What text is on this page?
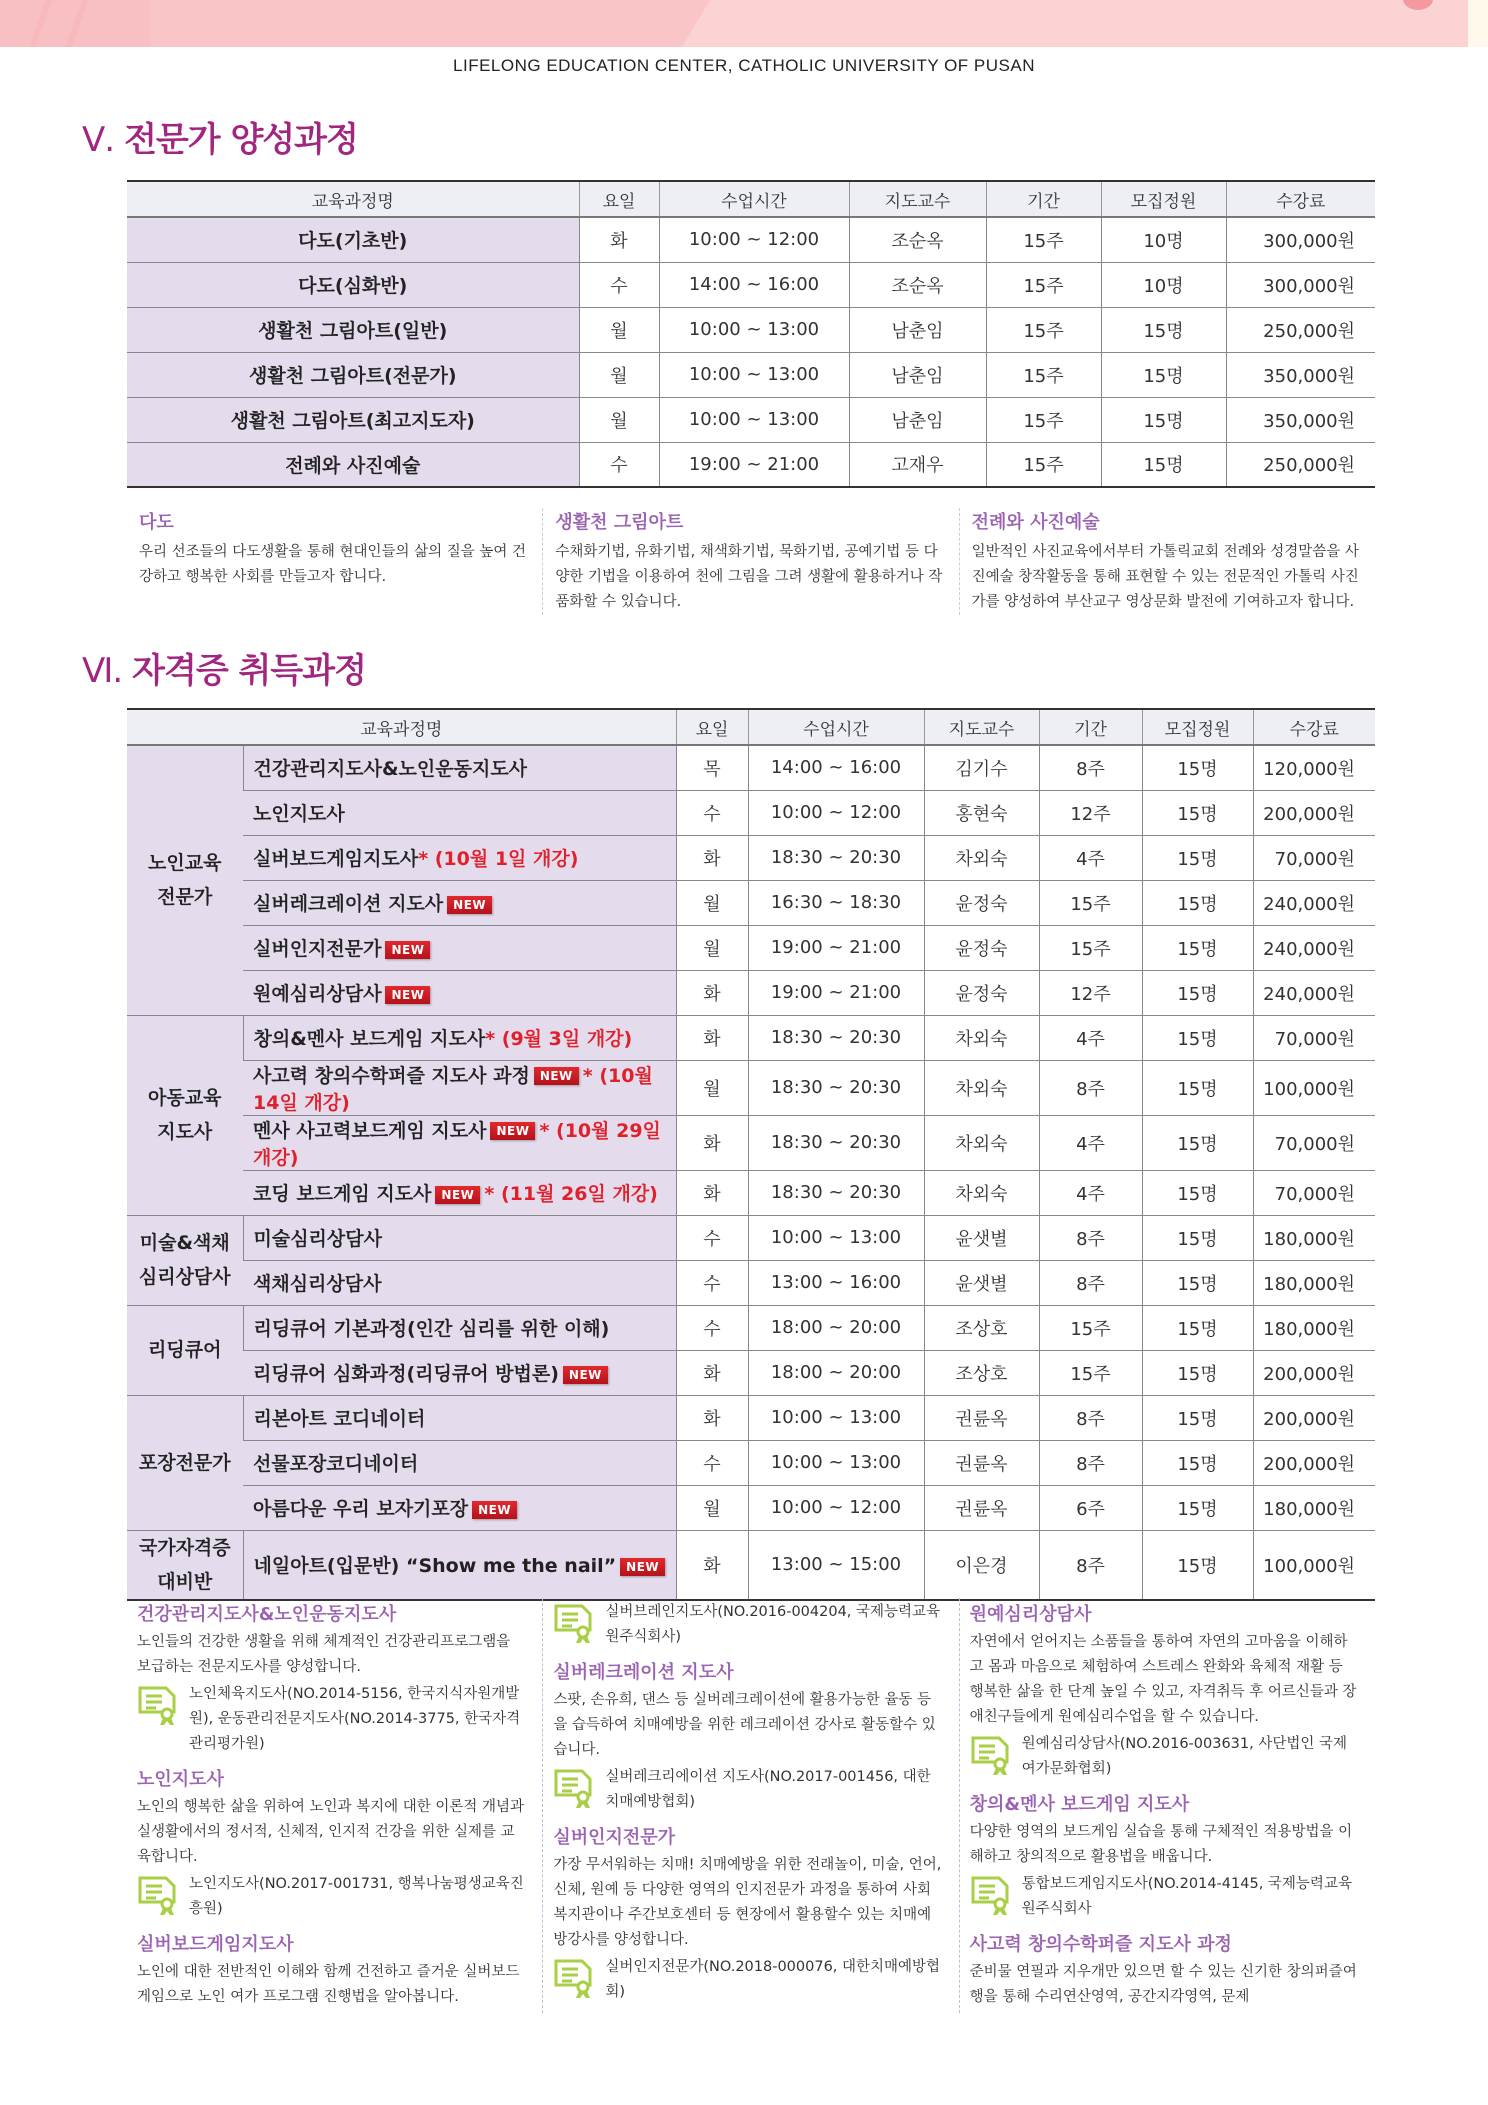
LIFELONG EDUCATION CENTER, CATHOLIC UNIVERSITY OF PUSAN
Ⅴ. 전문가 양성과정
교육과정명	요일	수업시간	지도교수	기간	모집정원	수강료
다도(기초반)	화	10:00 ~ 12:00	조순옥	15주	10명	300,000원
다도(심화반)	수	14:00 ~ 16:00	조순옥	15주	10명	300,000원
생활천 그림아트(일반)	월	10:00 ~ 13:00	남춘임	15주	15명	250,000원
생활천 그림아트(전문가)	월	10:00 ~ 13:00	남춘임	15주	15명	350,000원
생활천 그림아트(최고지도자)	월	10:00 ~ 13:00	남춘임	15주	15명	350,000원
전례와 사진예술	수	19:00 ~ 21:00	고재우	15주	15명	250,000원
다도

우리 선조들의 다도생활을 통해 현대인들의 삶의 질을 높여 건강하고 행복한 사회를 만들고자 합니다.

생활천 그림아트

수채화기법, 유화기법, 채색화기법, 묵화기법, 공예기법 등 다양한 기법을 이용하여 천에 그림을 그려 생활에 활용하거나 작품화할 수 있습니다.

전례와 사진예술

일반적인 사진교육에서부터 가톨릭교회 전례와 성경말씀을 사진예술 창작활동을 통해 표현할 수 있는 전문적인 가톨릭 사진가를 양성하여 부산교구 영상문화 발전에 기여하고자 합니다.

Ⅵ. 자격증 취득과정
교육과정명		요일	수업시간	지도교수	기간	모집정원	수강료

노인교육
전문가	건강관리지도사&노인운동지도사	목	14:00 ~ 16:00	김기수	8주	15명	120,000원
	노인지도사	수	10:00 ~ 12:00	홍현숙	12주	15명	200,000원
	실버보드게임지도사* (10월 1일 개강)	화	18:30 ~ 20:30	차외숙	4주	15명	70,000원
	실버레크레이션 지도사 NEW	월	16:30 ~ 18:30	윤정숙	15주	15명	240,000원
	실버인지전문가 NEW	월	19:00 ~ 21:00	윤정숙	15주	15명	240,000원
	원예심리상담사 NEW	화	19:00 ~ 21:00	윤정숙	12주	15명	240,000원

아동교육
지도사	창의&멘사 보드게임 지도사* (9월 3일 개강)	화	18:30 ~ 20:30	차외숙	4주	15명	70,000원
	사고력 창의수학퍼즐 지도사 과정 NEW * (10월 14일 개강)	월	18:30 ~ 20:30	차외숙	8주	15명	100,000원
	멘사 사고력보드게임 지도사 NEW * (10월 29일 개강)	화	18:30 ~ 20:30	차외숙	4주	15명	70,000원
	코딩 보드게임 지도사 NEW * (11월 26일 개강)	화	18:30 ~ 20:30	차외숙	4주	15명	70,000원

미술&색채
심리상담사	미술심리상담사	수	10:00 ~ 13:00	윤샛별	8주	15명	180,000원
	색채심리상담사	수	13:00 ~ 16:00	윤샛별	8주	15명	180,000원

리딩큐어	리딩큐어 기본과정(인간 심리를 위한 이해)	수	18:00 ~ 20:00	조상호	15주	15명	180,000원
	리딩큐어 심화과정(리딩큐어 방법론) NEW	화	18:00 ~ 20:00	조상호	15주	15명	200,000원

포장전문가	리본아트 코디네이터	화	10:00 ~ 13:00	권륜옥	8주	15명	200,000원
	선물포장코디네이터	수	10:00 ~ 13:00	권륜옥	8주	15명	200,000원
	아름다운 우리 보자기포장 NEW	월	10:00 ~ 12:00	권륜옥	6주	15명	180,000원

국가자격증
대비반	네일아트(입문반) “Show me the nail” NEW	화	13:00 ~ 15:00	이은경	8주	15명	100,000원
건강관리지도사&노인운동지도사

노인들의 건강한 생활을 위해 체계적인 건강관리프로그램을 보급하는 전문지도사를 양성합니다.

노인체육지도사(NO.2014-5156, 한국지식자원개발원), 운동관리전문지도사(NO.2014-3775, 한국자격관리평가원)
노인지도사

노인의 행복한 삶을 위하여 노인과 복지에 대한 이론적 개념과 실생활에서의 정서적, 신체적, 인지적 건강을 위한 실제를 교육합니다.

노인지도사(NO.2017-001731, 행복나눔평생교육진흥원)
실버보드게임지도사

노인에 대한 전반적인 이해와 함께 건전하고 즐거운 실버보드게임으로 노인 여가 프로그램 진행법을 알아봅니다.

실버브레인지도사(NO.2016-004204, 국제능력교육원주식회사)
실버레크레이션 지도사

스팟, 손유희, 댄스 등 실버레크레이션에 활용가능한 율동 등을 습득하여 치매예방을 위한 레크레이션 강사로 활동할수 있습니다.

실버레크리에이션 지도사(NO.2017-001456, 대한치매예방협회)
실버인지전문가

가장 무서워하는 치매! 치매예방을 위한 전래놀이, 미술, 언어, 신체, 원예 등 다양한 영역의 인지전문가 과정을 통하여 사회복지관이나 주간보호센터 등 현장에서 활용할수 있는 치매예방강사를 양성합니다.

실버인지전문가(NO.2018-000076, 대한치매예방협회)
원예심리상담사

자연에서 얻어지는 소품들을 통하여 자연의 고마움을 이해하고 몸과 마음으로 체험하여 스트레스 완화와 육체적 재활 등 행복한 삶을 한 단계 높일 수 있고, 자격취득 후 어르신들과 장애친구들에게 원예심리수업을 할 수 있습니다.

원예심리상담사(NO.2016-003631, 사단법인 국제여가문화협회)
창의&멘사 보드게임 지도사

다양한 영역의 보드게임 실습을 통해 구체적인 적용방법을 이해하고 창의적으로 활용법을 배웁니다.

통합보드게임지도사(NO.2014-4145, 국제능력교육원주식회사
사고력 창의수학퍼즐 지도사 과정

준비물 연필과 지우개만 있으면 할 수 있는 신기한 창의퍼즐여행을 통해 수리연산영역, 공간지각영역, 문제
